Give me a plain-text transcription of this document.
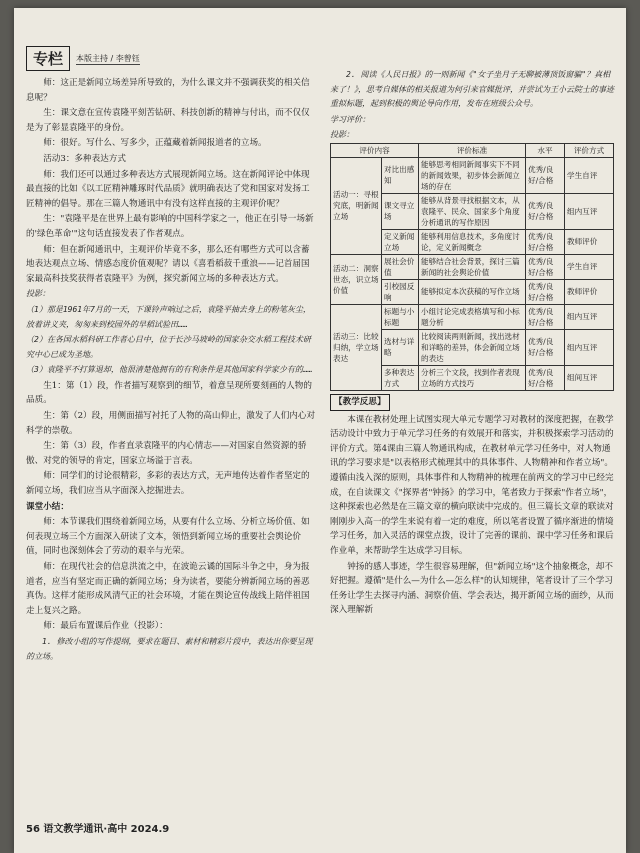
专栏	本版主持 / 李曾钰

师：这正是新闻立场差异所导致的，为什么课文并不强调获奖的相关信息呢？

生：课文意在宣传袁隆平刻苦钻研、科技创新的精神与付出，而不仅仅是为了彰显袁隆平的身份。

师：很好。写什么、写多少，正蕴藏着新闻报道者的立场。

活动3：多种表达方式

师：我们还可以通过多种表达方式展现新闻立场。这在新闻评论中体现最直接的比如《以工匠精神雕琢时代品质》就明确表达了党和国家对发扬工匠精神的倡导。那在三篇人物通讯中有没有这样直接的主观评价呢？

生："袁隆平是在世界上最有影响的中国科学家之一，他正在引导一场新的'绿色革命'"这句话直接发表了作者观点。

师：但在新闻通讯中，主观评价毕竟不多，那么还有哪些方式可以含蓄地表达观点立场、情感态度价值观呢？请以《喜看稻菽千重浪——记首届国家最高科技奖获得者袁隆平》为例，探究新闻立场的多种表达方式。

投影：

（1）那是1961年7月的一天，下课铃声响过之后，袁隆平抽去身上的粉笔灰尘，放着讲义夹，匆匆来到校园外的早稻试验田……

（2）在各国水稻科研工作者心目中，位于长沙马坡岭的国家杂交水稻工程技术研究中心已成为圣地。

（3）袁隆平不打算退却，他很清楚他拥有的有利条件是其他国家科学家少有的……

生1：第（1）段，作者描写观察到的细节，着意呈现所要刻画的人物的品质。

生：第（2）段，用侧面描写衬托了人物的高山仰止，激发了人们内心对科学的崇敬。

生：第（3）段，作者直录袁隆平的内心情志——对国家自然资源的骄傲、对党的领导的肯定，国家立场溢于言表。

师：同学们的讨论很精彩，多彩的表达方式，无声地传达着作者坚定的新闻立场，我们应当从字面深入挖掘进去。

课堂小结：

师：本节课我们围绕着新闻立场，从要有什么立场、分析立场价值、如何表现立场三个方面深入研读了文本，领悟到新闻立场的重要社会舆论价值，同时也深刻体会了劳动的艰辛与光荣。

师：在现代社会的信息洪流之中，在波诡云谲的国际斗争之中，身为报道者，应当有坚定而正确的新闻立场；身为读者，要能分辨新闻立场的善恶真伪。这样才能形成风清气正的社会环境，才能在舆论宣传战线上陪伴祖国走上复兴之路。

师：最后布置课后作业（投影）：

1. 修改小组的写作提纲，要求在题目、素材和精彩片段中，表达出你要呈现的立场。

2. 阅读《人民日报》的一则新闻《"女子坐月子无聊被薄顶饭窗骗"？真相来了！》，思考自媒体的相关报道为何引来官媒批评，并尝试为王小云院士的事迹重拟标题，起到积极的舆论导向作用，发布在班级公众号。

学习评价：

投影：
评价内容		评价标准	水平	评价方式
活动一：寻根究底，明新闻立场	对比出感知	能够思考相同新闻事实下不同的新闻效果，初步体会新闻立场的存在	优秀/良好/合格	学生自评
	课文寻立场	能够从背景寻找根据文本，从袁隆平、民众、国家多个角度分析通讯的写作原因	优秀/良好/合格	组内互评
	定义新闻立场	能够利用信息技术，多角度讨论，定义新闻概念	优秀/良好/合格	教师评价
活动二：洞察世态，识立场价值	展社会价值	能够结合社会背景，探讨三篇新闻的社会舆论价值	优秀/良好/合格	学生自评
	引校园反响	能够拟定本次获稿的写作立场	优秀/良好/合格	教师评价
活动三：比较归纳，学立场表达	标题与小标题	小组讨论完成表格填写和小标题分析	优秀/良好/合格	组内互评
	选材与详略	比较阅读两则新闻，找出选材和详略的差异，体会新闻立场的表达	优秀/良好/合格	组内互评
	多种表达方式	分析三个文段，找到作者表现立场的方式技巧	优秀/良好/合格	组间互评
【教学反思】

本课在教材处理上试图实现大单元专题学习对教材的深度把握，在教学活动设计中致力于单元学习任务的有效展开和落实，并积极探索学习活动的评价方式。第4课由三篇人物通讯构成，在教材单元学习任务中，对人物通讯的学习要求是"以表格形式梳理其中的具体事件、人物精神和作者立场"。遵循由浅入深的原则，具体事件和人物精神的梳理在前两文的学习中已经完成，在自读课文《"探界者"钟扬》的学习中，笔者致力于探索"作者立场"，这种探索也必然是在三篇文章的横向联读中完成的。但三篇长文章的联读对刚刚步入高一的学生来说有着一定的难度，所以笔者设置了循序渐进的情境学习任务，加入灵活的课堂点拨，设计了完善的课前、课中学习任务和课后作业单，来帮助学生达成学习目标。

钟扬的感人事迹，学生很容易理解，但"新闻立场"这个抽象概念，却不好把握。遵循"是什么—为什么—怎么样"的认知规律，笔者设计了三个学习任务让学生去探寻内涵、洞察价值、学会表达，揭开新闻立场的面纱，从而深入理解新

56 语文教学通讯·高中 2024.9
